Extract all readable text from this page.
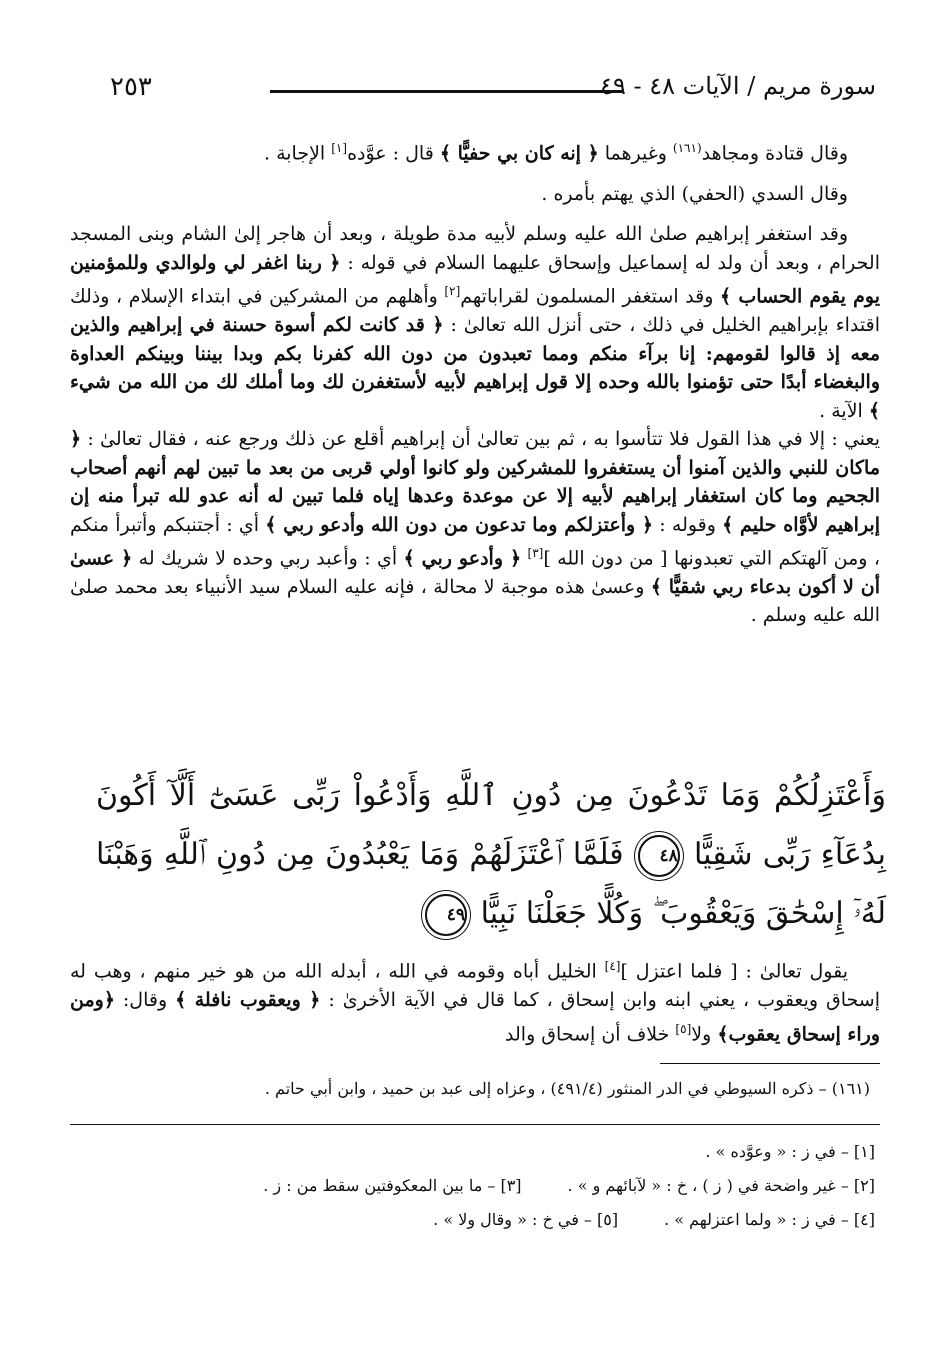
٢٥٣	سورة مريم / الآيات ٤٨ - ٤٩

وقال قتادة ومجاهد$^{(١٦١)}$ وغيرهما ﴿ إنه كان بي حفيًّا ﴾ قال : عوَّده[١] الإجابة .

وقال السدي (الحفي) الذي يهتم بأمره .

وقد استغفر إبراهيم صلىٰ الله عليه وسلم لأبيه مدة طويلة ، وبعد أن هاجر إلىٰ الشام وبنى المسجد الحرام ، وبعد أن ولد له إسماعيل وإسحاق عليهما السلام في قوله : ﴿ ربنا اغفر لي ولوالدي وللمؤمنين يوم يقوم الحساب ﴾ وقد استغفر المسلمون لقراباتهم[٢] وأهلهم من المشركين في ابتداء الإسلام ، وذلك اقتداء بإبراهيم الخليل في ذلك ، حتى أنزل الله تعالىٰ : ﴿ قد كانت لكم أسوة حسنة في إبراهيم والذين معه إذ قالوا لقومهم: إنا برآء منكم ومما تعبدون من دون الله كفرنا بكم وبدا بيننا وبينكم العداوة والبغضاء أبدًا حتى تؤمنوا بالله وحده إلا قول إبراهيم لأبيه لأستغفرن لك وما أملك لك من الله من شيء ﴾ الآية .

يعني : إلا في هذا القول فلا تتأسوا به ، ثم بين تعالىٰ أن إبراهيم أقلع عن ذلك ورجع عنه ، فقال تعالىٰ : ﴿ ماكان للنبي والذين آمنوا أن يستغفروا للمشركين ولو كانوا أولي قربى من بعد ما تبين لهم أنهم أصحاب الجحيم وما كان استغفار إبراهيم لأبيه إلا عن موعدة وعدها إياه فلما تبين له أنه عدو لله تبرأ منه إن إبراهيم لأوَّاه حليم ﴾ وقوله : ﴿ وأعتزلكم وما تدعون من دون الله وأدعو ربي ﴾ أي : أجتنبكم وأتبرأ منكم ، ومن آلهتكم التي تعبدونها [ من دون الله ][٣] ﴿ وأدعو ربي ﴾ أي : وأعبد ربي وحده لا شريك له ﴿ عسىٰ أن لا أكون بدعاء ربي شقيًّا ﴾ وعسىٰ هذه موجبة لا محالة ، فإنه عليه السلام سيد الأنبياء بعد محمد صلىٰ الله عليه وسلم .

وَأَعْتَزِلُكُمْ وَمَا تَدْعُونَ مِن دُونِ ٱللَّهِ وَأَدْعُواْ رَبِّى عَسَىٰٓ أَلَّآ أَكُونَ بِدُعَآءِ رَبِّى شَقِيًّا ٤٨ فَلَمَّا ٱعْتَزَلَهُمْ وَمَا يَعْبُدُونَ مِن دُونِ ٱللَّهِ وَهَبْنَا لَهُۥٓ إِسْحَٰقَ وَيَعْقُوبَ ۖ وَكُلًّا جَعَلْنَا نَبِيًّا ٤٩

يقول تعالىٰ : [ فلما اعتزل ][٤] الخليل أباه وقومه في الله ، أبدله الله من هو خير منهم ، وهب له إسحاق ويعقوب ، يعني ابنه وابن إسحاق ، كما قال في الآية الأخرىٰ : ﴿ ويعقوب نافلة ﴾ وقال: ﴿ومن وراء إسحاق يعقوب﴾ ولا[٥] خلاف أن إسحاق والد

(١٦١) – ذكره السيوطي في الدر المنثور (٤٩١/٤) ، وعزاه إلى عبد بن حميد ، وابن أبي حاتم .
[١] – في ز : « وعوَّده » .
[٢] – غير واضحة في ( ز ) ، خ : « لآبائهم و » .[٣] – ما بين المعكوفتين سقط من : ز .
[٤] – في ز : « ولما اعتزلهم » .[٥] – في خ : « وقال ولا » .
